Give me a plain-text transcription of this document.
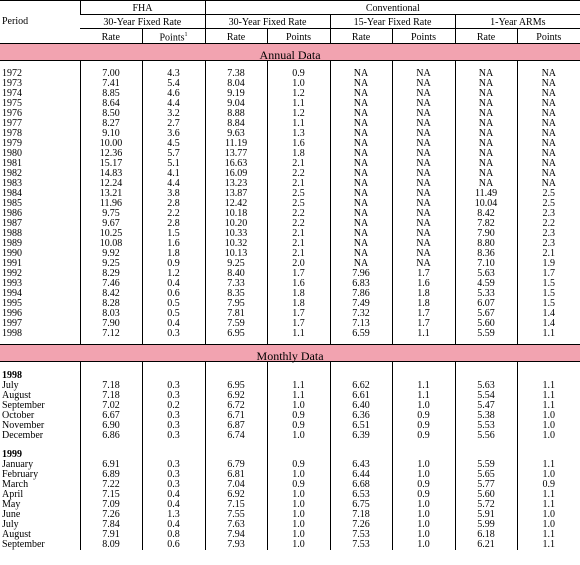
Period	FHA		Conventional					
	30-Year Fixed Rate		30-Year Fixed Rate		15-Year Fixed Rate		1-Year ARMs	
	Rate	Points$^1$	Rate	Points	Rate	Points	Rate	Points
Annual Data								

1972	7.00	4.3	7.38	0.9	NA	NA	NA	NA
1973	7.41	5.4	8.04	1.0	NA	NA	NA	NA
1974	8.85	4.6	9.19	1.2	NA	NA	NA	NA
1975	8.64	4.4	9.04	1.1	NA	NA	NA	NA
1976	8.50	3.2	8.88	1.2	NA	NA	NA	NA
1977	8.27	2.7	8.84	1.1	NA	NA	NA	NA
1978	9.10	3.6	9.63	1.3	NA	NA	NA	NA
1979	10.00	4.5	11.19	1.6	NA	NA	NA	NA
1980	12.36	5.7	13.77	1.8	NA	NA	NA	NA
1981	15.17	5.1	16.63	2.1	NA	NA	NA	NA
1982	14.83	4.1	16.09	2.2	NA	NA	NA	NA
1983	12.24	4.4	13.23	2.1	NA	NA	NA	NA
1984	13.21	3.8	13.87	2.5	NA	NA	11.49	2.5
1985	11.96	2.8	12.42	2.5	NA	NA	10.04	2.5
1986	9.75	2.2	10.18	2.2	NA	NA	8.42	2.3
1987	9.67	2.8	10.20	2.2	NA	NA	7.82	2.2
1988	10.25	1.5	10.33	2.1	NA	NA	7.90	2.3
1989	10.08	1.6	10.32	2.1	NA	NA	8.80	2.3
1990	9.92	1.8	10.13	2.1	NA	NA	8.36	2.1
1991	9.25	0.9	9.25	2.0	NA	NA	7.10	1.9
1992	8.29	1.2	8.40	1.7	7.96	1.7	5.63	1.7
1993	7.46	0.4	7.33	1.6	6.83	1.6	4.59	1.5
1994	8.42	0.6	8.35	1.8	7.86	1.8	5.33	1.5
1995	8.28	0.5	7.95	1.8	7.49	1.8	6.07	1.5
1996	8.03	0.5	7.81	1.7	7.32	1.7	5.67	1.4
1997	7.90	0.4	7.59	1.7	7.13	1.7	5.60	1.4
1998	7.12	0.3	6.95	1.1	6.59	1.1	5.59	1.1

Monthly Data								

1998								
July	7.18	0.3	6.95	1.1	6.62	1.1	5.63	1.1
August	7.18	0.3	6.92	1.1	6.61	1.1	5.54	1.1
September	7.02	0.2	6.72	1.0	6.40	1.0	5.47	1.1
October	6.67	0.3	6.71	0.9	6.36	0.9	5.38	1.0
November	6.90	0.3	6.87	0.9	6.51	0.9	5.53	1.0
December	6.86	0.3	6.74	1.0	6.39	0.9	5.56	1.0

1999								
January	6.91	0.3	6.79	0.9	6.43	1.0	5.59	1.1
February	6.89	0.3	6.81	1.0	6.44	1.0	5.65	1.0
March	7.22	0.3	7.04	0.9	6.68	0.9	5.77	0.9
April	7.15	0.4	6.92	1.0	6.53	0.9	5.60	1.1
May	7.09	0.4	7.15	1.0	6.75	1.0	5.72	1.1
June	7.26	1.3	7.55	1.0	7.18	1.0	5.91	1.0
July	7.84	0.4	7.63	1.0	7.26	1.0	5.99	1.0
August	7.91	0.8	7.94	1.0	7.53	1.0	6.18	1.1
September	8.09	0.6	7.93	1.0	7.53	1.0	6.21	1.1
